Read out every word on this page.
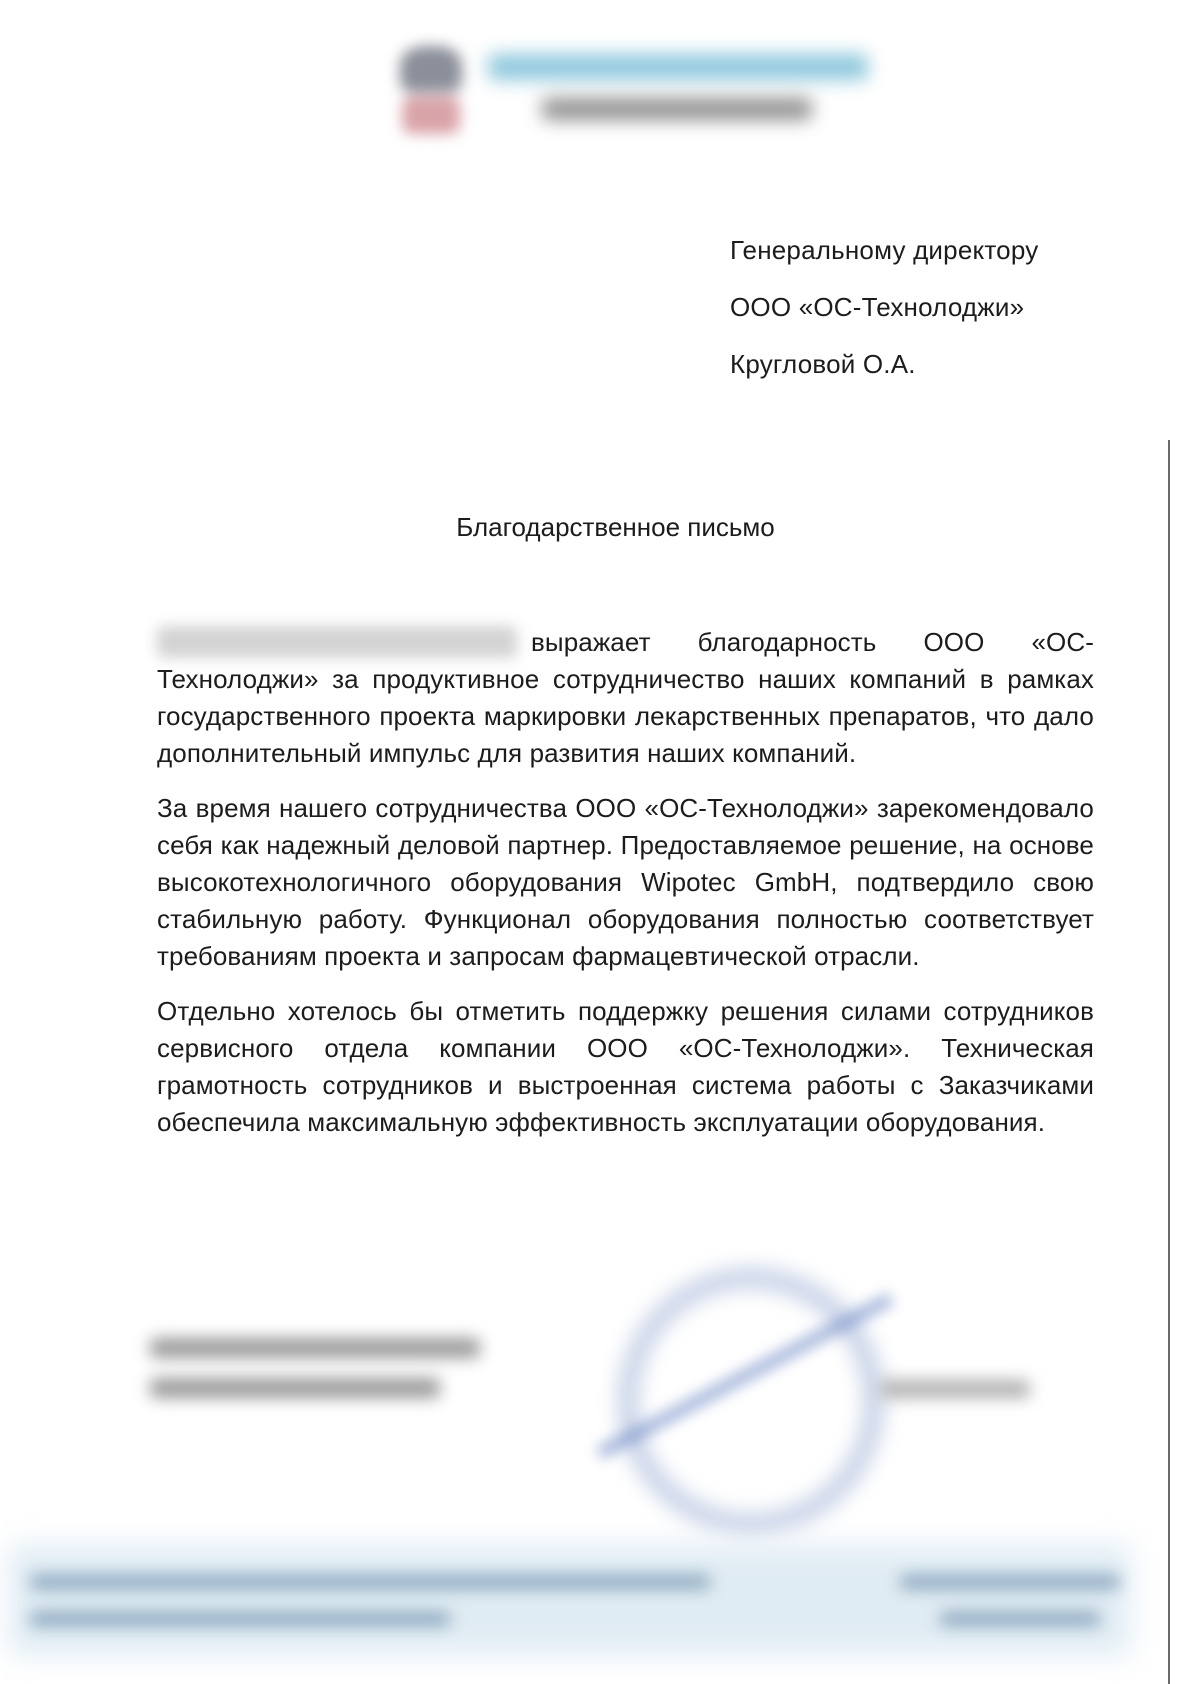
Генеральному директору
ООО «ОС-Технолоджи»
Кругловой О.А.
Благодарственное письмо

выражает благодарность ООО «ОС-Технолоджи» за продуктивное сотрудничество наших компаний в рамках государственного проекта маркировки лекарственных препаратов, что дало дополнительный импульс для развития наших компаний.

За время нашего сотрудничества ООО «ОС-Технолоджи» зарекомендовало себя как надежный деловой партнер. Предоставляемое решение, на основе высокотехнологичного оборудования Wipotec GmbH, подтвердило свою стабильную работу. Функционал оборудования полностью соответствует требованиям проекта и запросам фармацевтической отрасли.

Отдельно хотелось бы отметить поддержку решения силами сотрудников сервисного отдела компании ООО «ОС-Технолоджи». Техническая грамотность сотрудников и выстроенная система работы с Заказчиками обеспечила максимальную эффективность эксплуатации оборудования.
